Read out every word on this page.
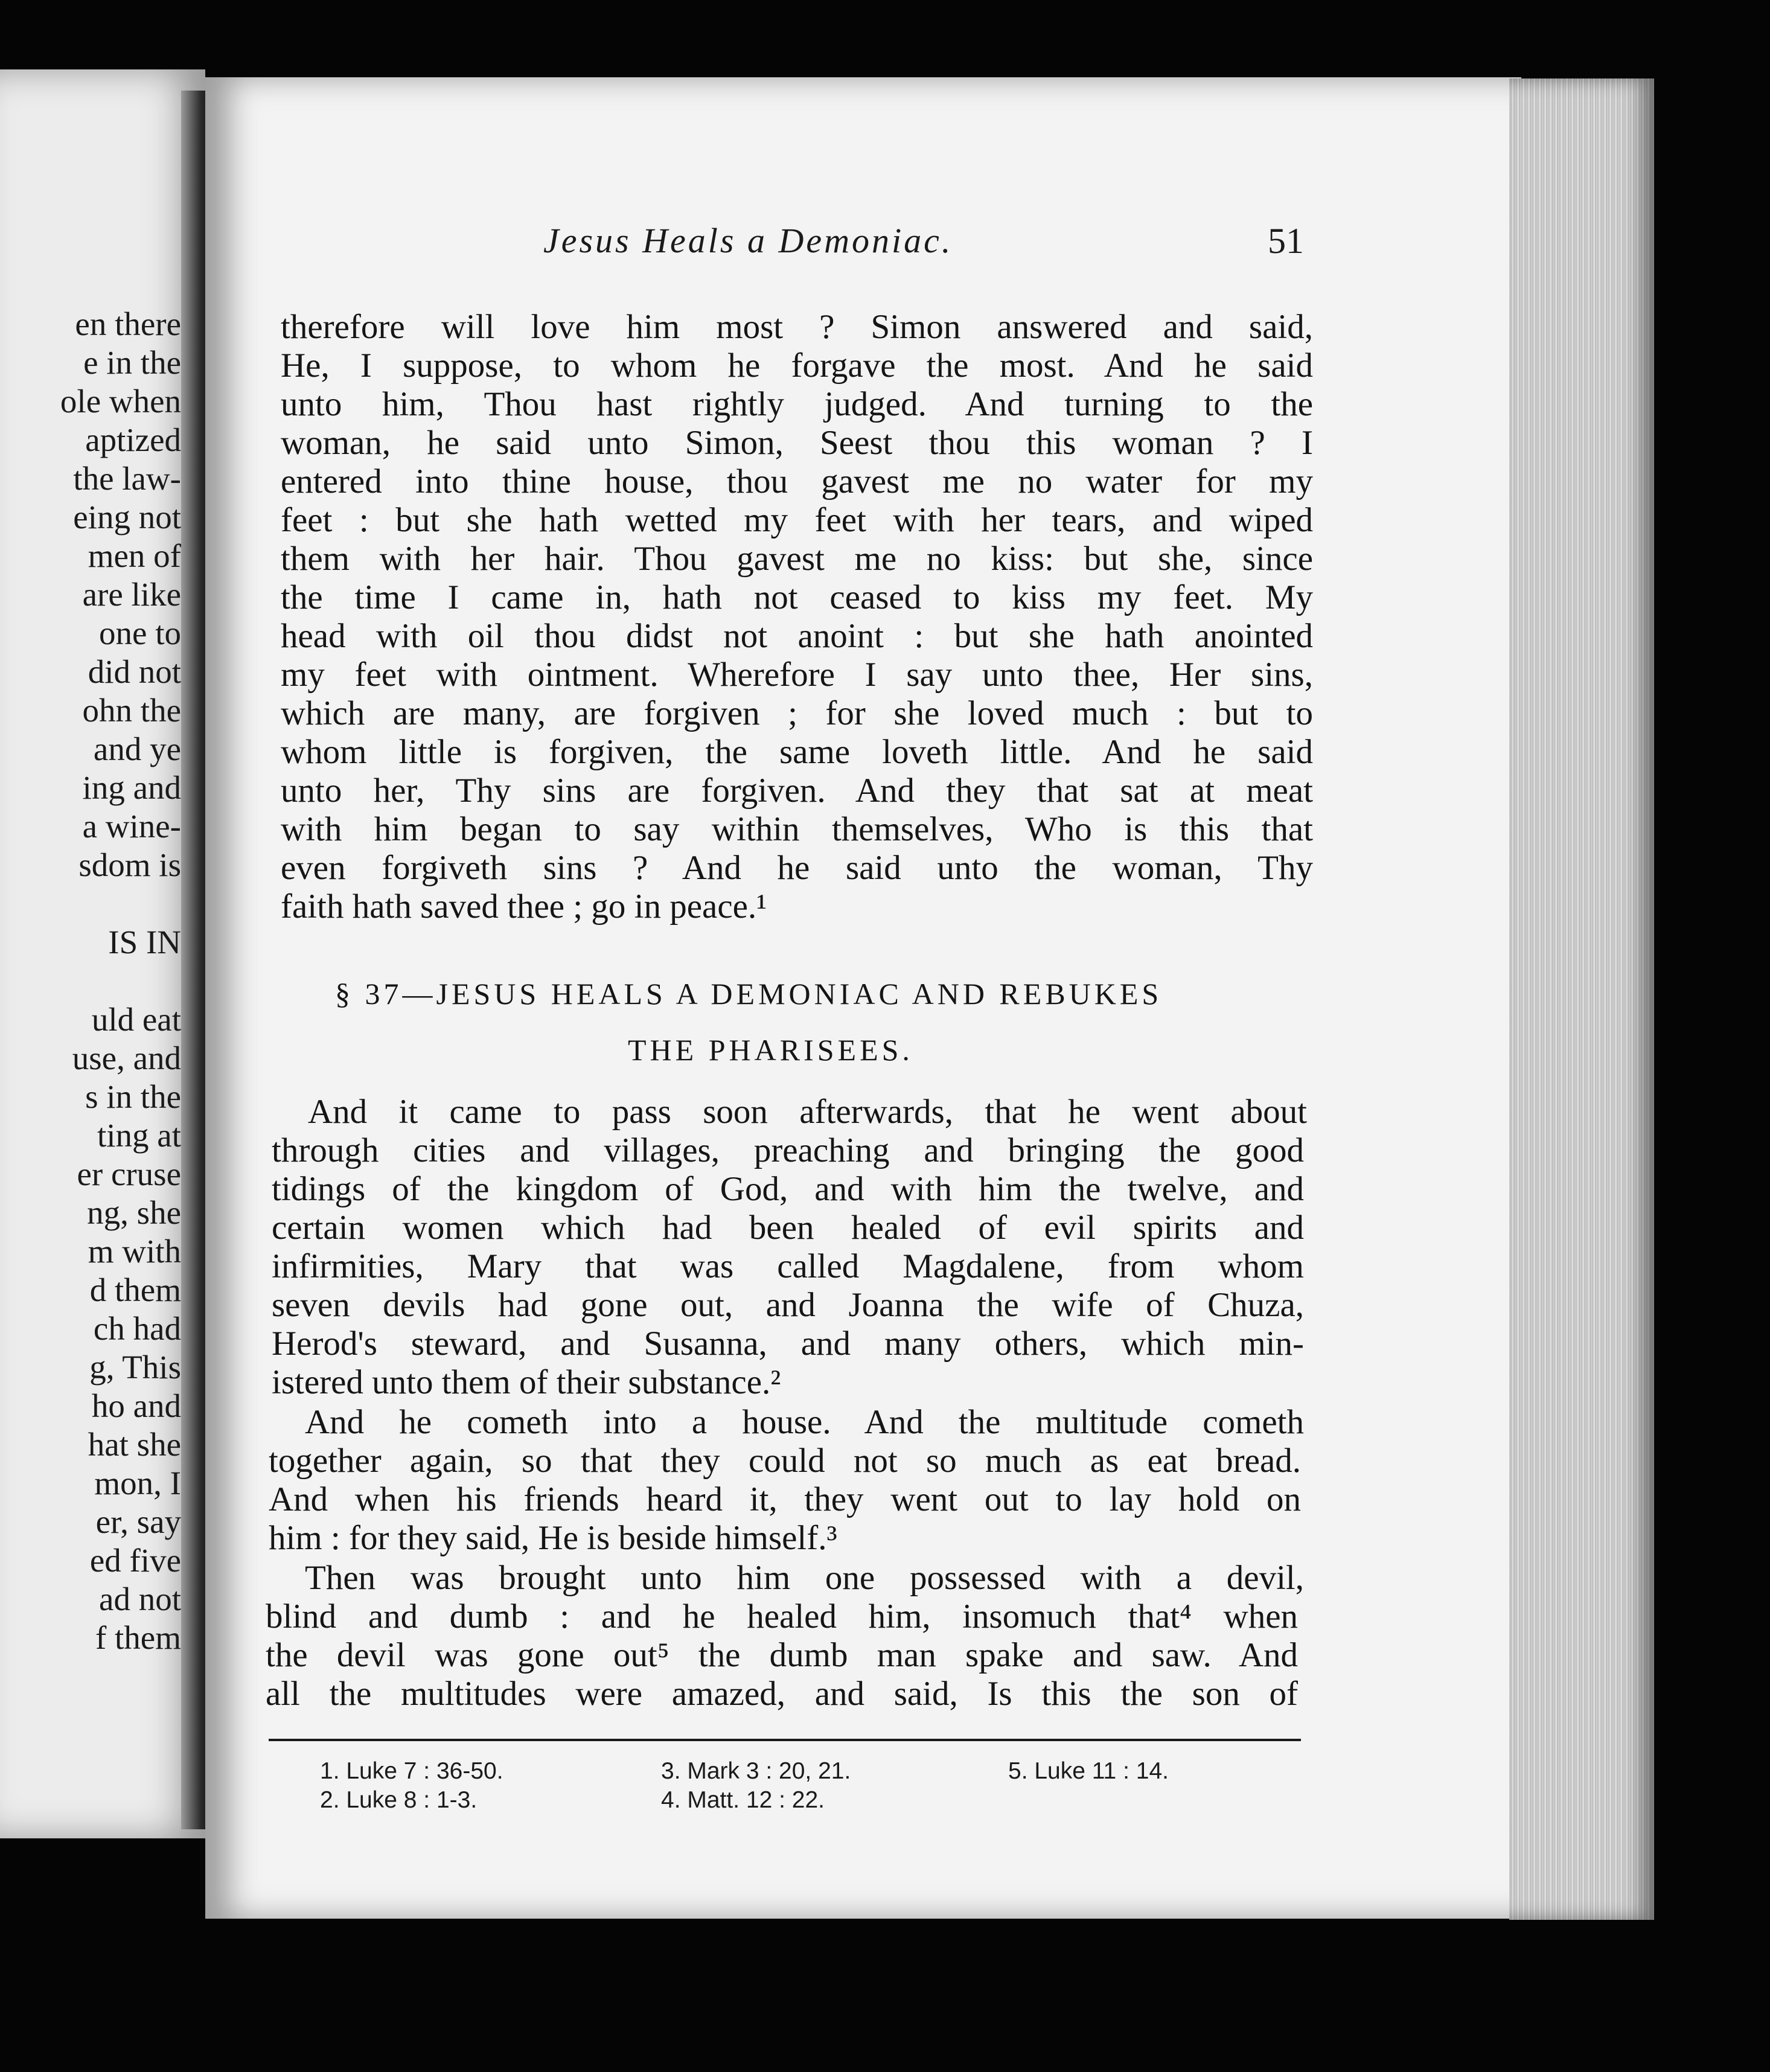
en there
e in the
ole when
aptized
the law-
eing not
men of
are like
one to
did not
ohn the
and ye
ing and
a wine-
sdom is
IS IN
uld eat
use, and
s in the
ting at
er cruse
ng, she
m with
d them
ch had
g, This
ho and
hat she
mon, I
er, say
ed five
ad not
f them
Jesus Heals a Demoniac.	51
therefore will love him most ? Simon answered and said,
He, I suppose, to whom he forgave the most. And he said
unto him, Thou hast rightly judged. And turning to the
woman, he said unto Simon, Seest thou this woman ? I
entered into thine house, thou gavest me no water for my
feet : but she hath wetted my feet with her tears, and wiped
them with her hair. Thou gavest me no kiss: but she, since
the time I came in, hath not ceased to kiss my feet. My
head with oil thou didst not anoint : but she hath anointed
my feet with ointment. Wherefore I say unto thee, Her sins,
which are many, are forgiven ; for she loved much : but to
whom little is forgiven, the same loveth little. And he said
unto her, Thy sins are forgiven. And they that sat at meat
with him began to say within themselves, Who is this that
even forgiveth sins ? And he said unto the woman, Thy
faith hath saved thee ; go in peace.¹
§ 37—JESUS HEALS A DEMONIAC AND REBUKES
THE PHARISEES.
And it came to pass soon afterwards, that he went about
through cities and villages, preaching and bringing the good
tidings of the kingdom of God, and with him the twelve, and
certain women which had been healed of evil spirits and
infirmities, Mary that was called Magdalene, from whom
seven devils had gone out, and Joanna the wife of Chuza,
Herod's steward, and Susanna, and many others, which min-
istered unto them of their substance.²
And he cometh into a house. And the multitude cometh
together again, so that they could not so much as eat bread.
And when his friends heard it, they went out to lay hold on
him : for they said, He is beside himself.³
Then was brought unto him one possessed with a devil,
blind and dumb : and he healed him, insomuch that⁴ when
the devil was gone out⁵ the dumb man spake and saw. And
all the multitudes were amazed, and said, Is this the son of
1. Luke 7 : 36-50.
2. Luke 8 : 1-3.
3. Mark 3 : 20, 21.
4. Matt. 12 : 22.
5. Luke 11 : 14.
